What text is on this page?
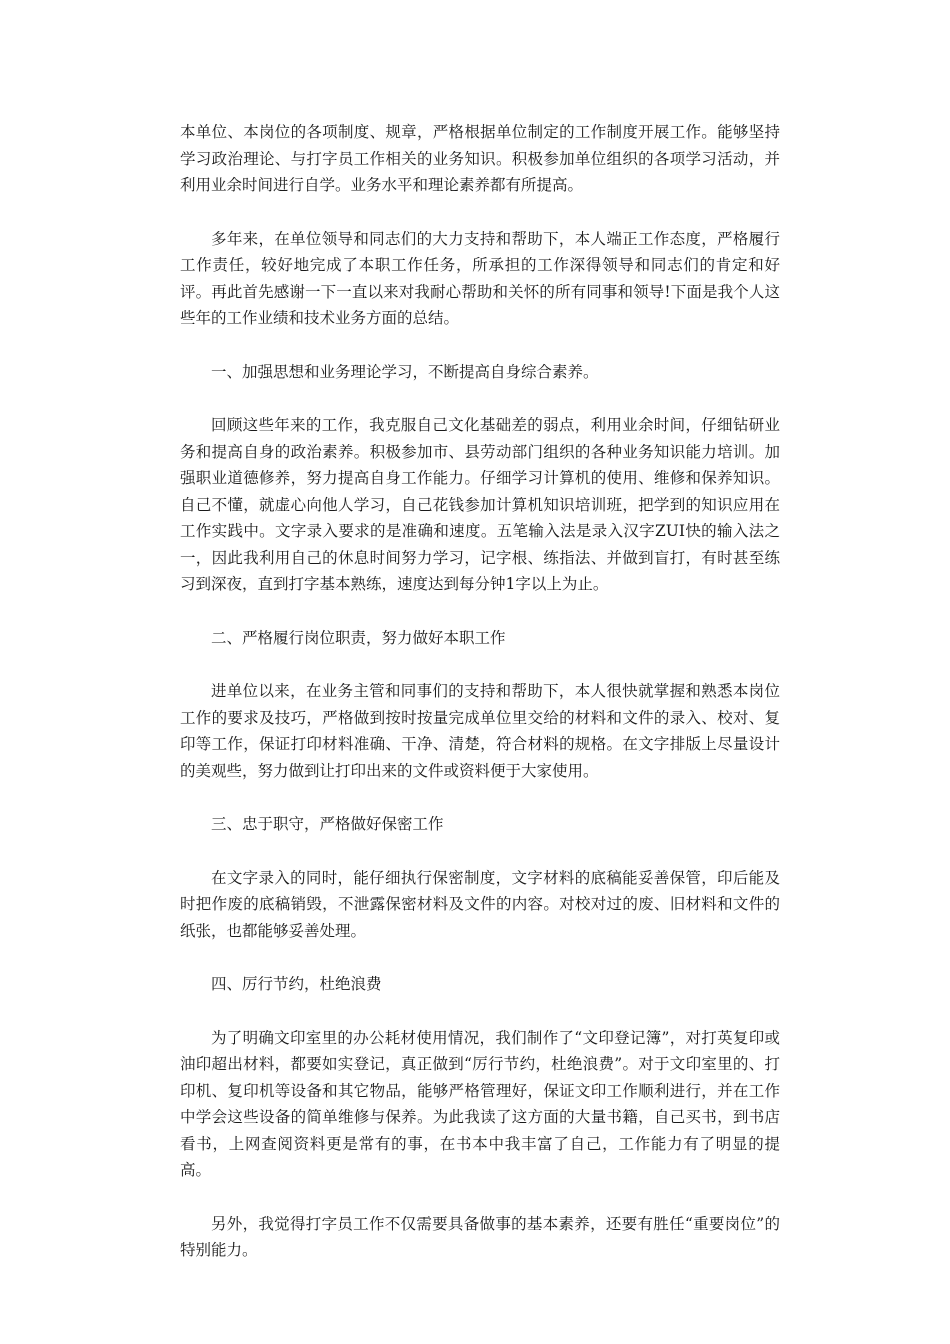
本单位、本岗位的各项制度、规章，严格根据单位制定的工作制度开展工作。能够坚持学习政治理论、与打字员工作相关的业务知识。积极参加单位组织的各项学习活动，并利用业余时间进行自学。业务水平和理论素养都有所提高。

多年来，在单位领导和同志们的大力支持和帮助下，本人端正工作态度，严格履行工作责任，较好地完成了本职工作任务，所承担的工作深得领导和同志们的肯定和好评。再此首先感谢一下一直以来对我耐心帮助和关怀的所有同事和领导!下面是我个人这些年的工作业绩和技术业务方面的总结。

一、加强思想和业务理论学习，不断提高自身综合素养。

回顾这些年来的工作，我克服自己文化基础差的弱点，利用业余时间，仔细钻研业务和提高自身的政治素养。积极参加市、县劳动部门组织的各种业务知识能力培训。加强职业道德修养，努力提高自身工作能力。仔细学习计算机的使用、维修和保养知识。自己不懂，就虚心向他人学习，自己花钱参加计算机知识培训班，把学到的知识应用在工作实践中。文字录入要求的是准确和速度。五笔输入法是录入汉字ZUI快的输入法之一，因此我利用自己的休息时间努力学习，记字根、练指法、并做到盲打，有时甚至练习到深夜，直到打字基本熟练，速度达到每分钟1字以上为止。

二、严格履行岗位职责，努力做好本职工作

进单位以来，在业务主管和同事们的支持和帮助下，本人很快就掌握和熟悉本岗位工作的要求及技巧，严格做到按时按量完成单位里交给的材料和文件的录入、校对、复印等工作，保证打印材料准确、干净、清楚，符合材料的规格。在文字排版上尽量设计的美观些，努力做到让打印出来的文件或资料便于大家使用。

三、忠于职守，严格做好保密工作

在文字录入的同时，能仔细执行保密制度，文字材料的底稿能妥善保管，印后能及时把作废的底稿销毁，不泄露保密材料及文件的内容。对校对过的废、旧材料和文件的纸张，也都能够妥善处理。

四、厉行节约，杜绝浪费

为了明确文印室里的办公耗材使用情况，我们制作了“文印登记簿”，对打英复印或油印超出材料，都要如实登记，真正做到“厉行节约，杜绝浪费”。对于文印室里的、打印机、复印机等设备和其它物品，能够严格管理好，保证文印工作顺利进行，并在工作中学会这些设备的简单维修与保养。为此我读了这方面的大量书籍，自己买书，到书店看书，上网查阅资料更是常有的事，在书本中我丰富了自己，工作能力有了明显的提高。

另外，我觉得打字员工作不仅需要具备做事的基本素养，还要有胜任“重要岗位”的特别能力。
